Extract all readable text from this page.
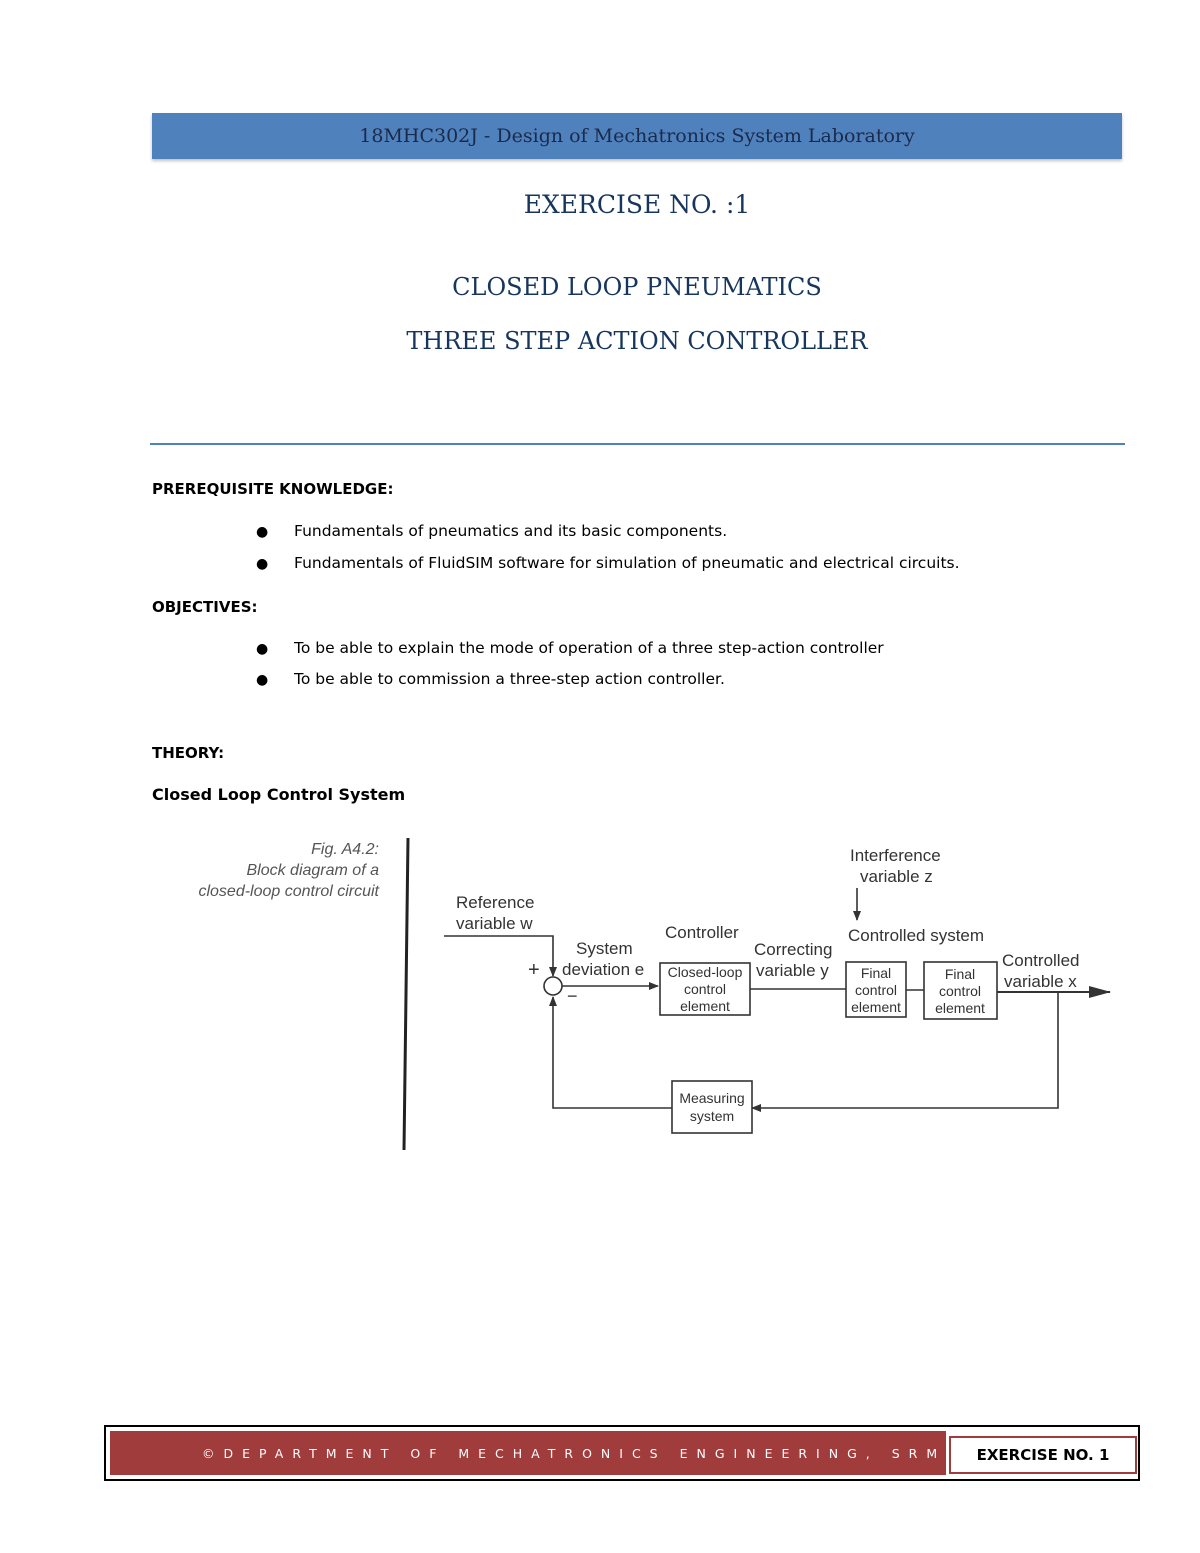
18MHC302J - Design of Mechatronics System Laboratory
EXERCISE NO. :1
CLOSED LOOP PNEUMATICS
THREE STEP ACTION CONTROLLER
PREREQUISITE KNOWLEDGE:
● Fundamentals of pneumatics and its basic components.
● Fundamentals of FluidSIM software for simulation of pneumatic and electrical circuits.
OBJECTIVES:
● To be able to explain the mode of operation of a three step-action controller
● To be able to commission a three-step action controller.
THEORY:
Closed Loop Control System
Fig. A4.2:
Block diagram of a
closed-loop control circuit
Reference
variable w
+
−
System
deviation e
Controller
Closed-loop
control
element
Correcting
variable y
Interference
variable z
Controlled system
Final
control
element
Final
control
element
Controlled
variable x
Measuring
system
©DEPARTMENT OF MECHATRONICS ENGINEERING, SRMIST
EXERCISE NO. 1
